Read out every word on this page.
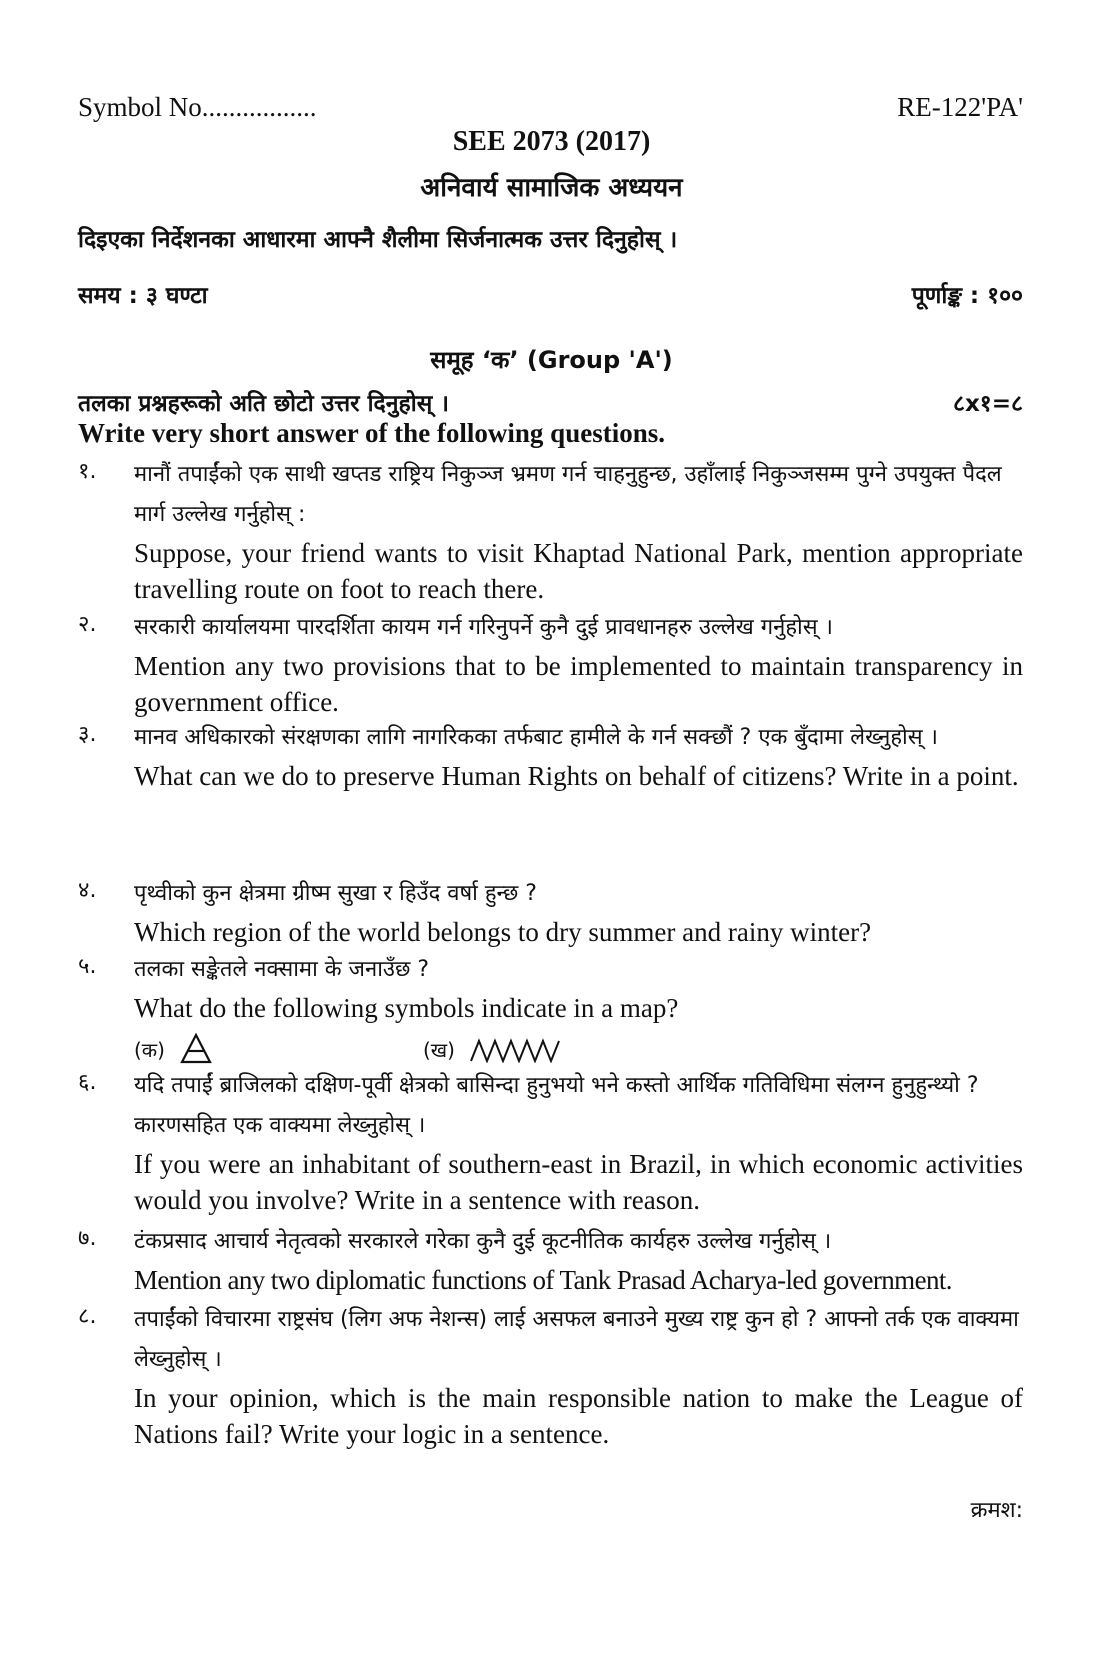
Symbol No.................	RE-122'PA'
SEE 2073 (2017)
अनिवार्य सामाजिक अध्ययन
दिइएका निर्देशनका आधारमा आफ्नै शैलीमा सिर्जनात्मक उत्तर दिनुहोस् ।
समय : ३ घण्टा	पूर्णाङ्क : १००
समूह ‘क’ (Group 'A')
तलका प्रश्नहरूको अति छोटो उत्तर दिनुहोस् ।	८x१=८
Write very short answer of the following questions.
१. मानौं तपाईंको एक साथी खप्तड राष्ट्रिय निकुञ्ज भ्रमण गर्न चाहनुहुन्छ, उहाँलाई निकुञ्जसम्म पुग्ने उपयुक्त पैदल मार्ग उल्लेख गर्नुहोस् :
Suppose, your friend wants to visit Khaptad National Park, mention appropriate travelling route on foot to reach there.
२. सरकारी कार्यालयमा पारदर्शिता कायम गर्न गरिनुपर्ने कुनै दुई प्रावधानहरु उल्लेख गर्नुहोस् ।
Mention any two provisions that to be implemented to maintain transparency in government office.
३. मानव अधिकारको संरक्षणका लागि नागरिकका तर्फबाट हामीले के गर्न सक्छौं ? एक बुँदामा लेख्नुहोस् ।
What can we do to preserve Human Rights on behalf of citizens? Write in a point.
४. पृथ्वीको कुन क्षेत्रमा ग्रीष्म सुखा र हिउँद वर्षा हुन्छ ?
Which region of the world belongs to dry summer and rainy winter?
५. तलका सङ्केतले नक्सामा के जनाउँछ ?
What do the following symbols indicate in a map?
(क)	(ख)
६. यदि तपाईं ब्राजिलको दक्षिण-पूर्वी क्षेत्रको बासिन्दा हुनुभयो भने कस्तो आर्थिक गतिविधिमा संलग्न हुनुहुन्थ्यो ? कारणसहित एक वाक्यमा लेख्नुहोस् ।
If you were an inhabitant of southern-east in Brazil, in which economic activities would you involve? Write in a sentence with reason.
७. टंकप्रसाद आचार्य नेतृत्वको सरकारले गरेका कुनै दुई कूटनीतिक कार्यहरु उल्लेख गर्नुहोस् ।
Mention any two diplomatic functions of Tank Prasad Acharya-led government.
८. तपाईंको विचारमा राष्ट्रसंघ (लिग अफ नेशन्स) लाई असफल बनाउने मुख्य राष्ट्र कुन हो ? आफ्नो तर्क एक वाक्यमा लेख्नुहोस् ।
In your opinion, which is the main responsible nation to make the League of Nations fail? Write your logic in a sentence.
क्रमश:
